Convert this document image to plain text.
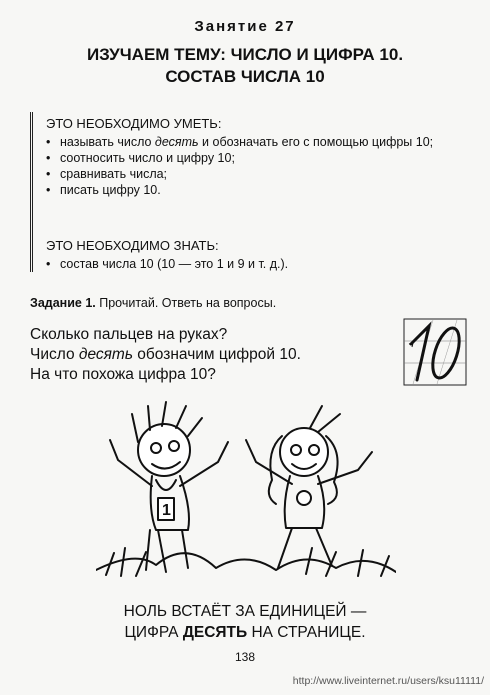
Занятие 27
ИЗУЧАЕМ ТЕМУ: ЧИСЛО И ЦИФРА 10.
СОСТАВ ЧИСЛА 10
ЭТО НЕОБХОДИМО УМЕТЬ:
• называть число десять и обозначать его с помощью цифры 10;
• соотносить число и цифру 10;
• сравнивать числа;
• писать цифру 10.
ЭТО НЕОБХОДИМО ЗНАТЬ:
• состав числа 10 (10 — это 1 и 9 и т. д.).
Задание 1. Прочитай. Ответь на вопросы.
Сколько пальцев на руках?
Число десять обозначим цифрой 10.
На что похожа цифра 10?
10
1
НОЛЬ ВСТАЁТ ЗА ЕДИНИЦЕЙ —
ЦИФРА ДЕСЯТЬ НА СТРАНИЦЕ.
138
http://www.liveinternet.ru/users/ksu11111/
